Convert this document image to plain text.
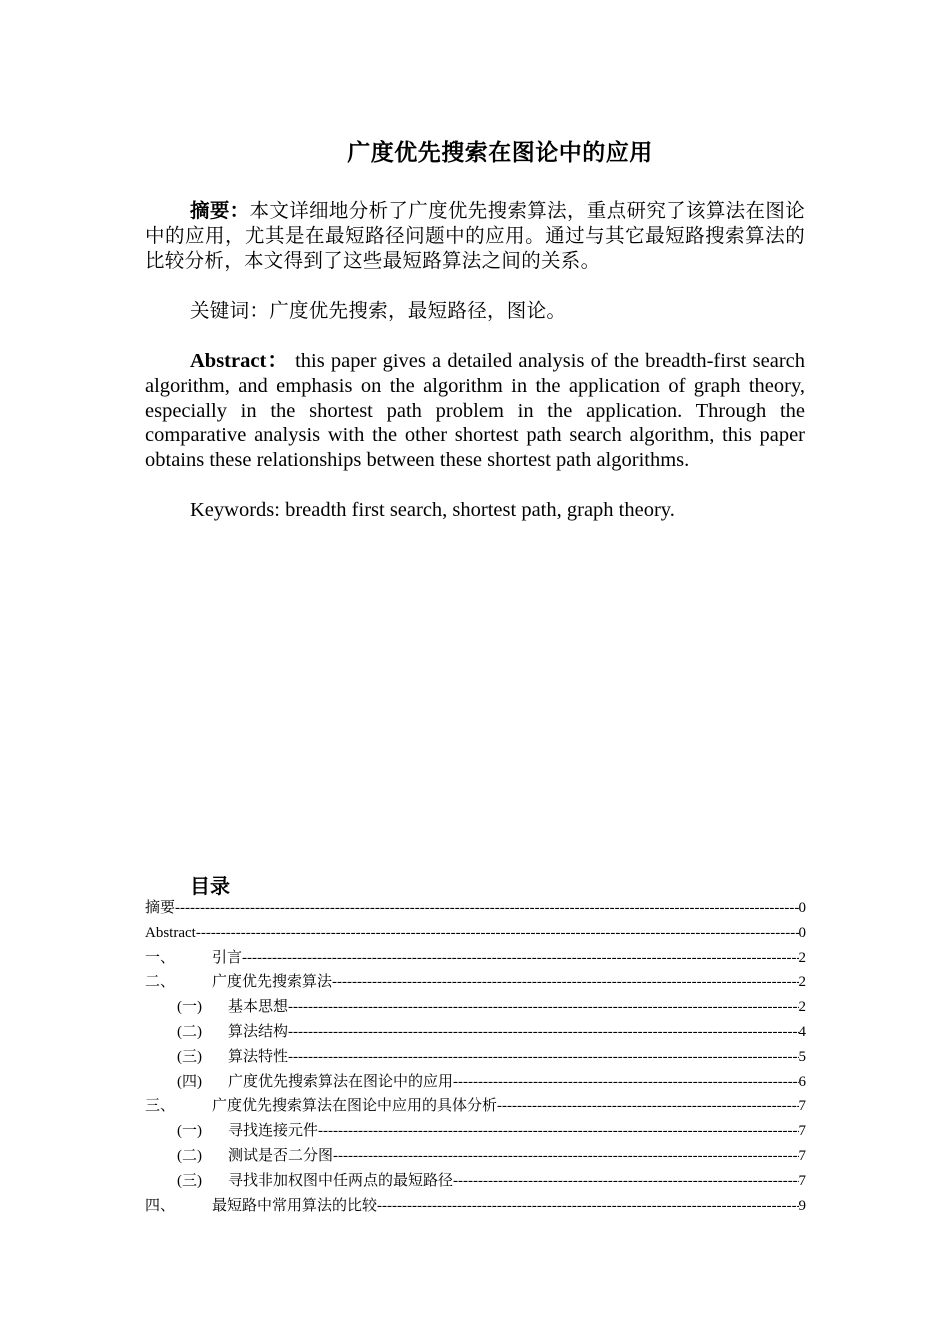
广度优先搜索在图论中的应用
摘要：本文详细地分析了广度优先搜索算法，重点研究了该算法在图论中的应用，尤其是在最短路径问题中的应用。通过与其它最短路搜索算法的比较分析，本文得到了这些最短路算法之间的关系。
关键词：广度优先搜索，最短路径，图论。
Abstract： this paper gives a detailed analysis of the breadth-first search algorithm, and emphasis on the algorithm in the application of graph theory, especially in the shortest path problem in the application. Through the comparative analysis with the other shortest path search algorithm, this paper obtains these relationships between these shortest path algorithms.
Keywords: breadth first search, shortest path, graph theory.
目录
摘要 -----	0
Abstract -----	0
一、	引言 -----	2
二、	广度优先搜索算法 -----	2
(一)	基本思想 -----	2
(二)	算法结构 -----	4
(三)	算法特性 -----	5
(四)	广度优先搜索算法在图论中的应用 -----	6
三、	广度优先搜索算法在图论中应用的具体分析 -----	7
(一)	寻找连接元件 -----	7
(二)	测试是否二分图 -----	7
(三)	寻找非加权图中任两点的最短路径 -----	7
四、	最短路中常用算法的比较 -----	9
